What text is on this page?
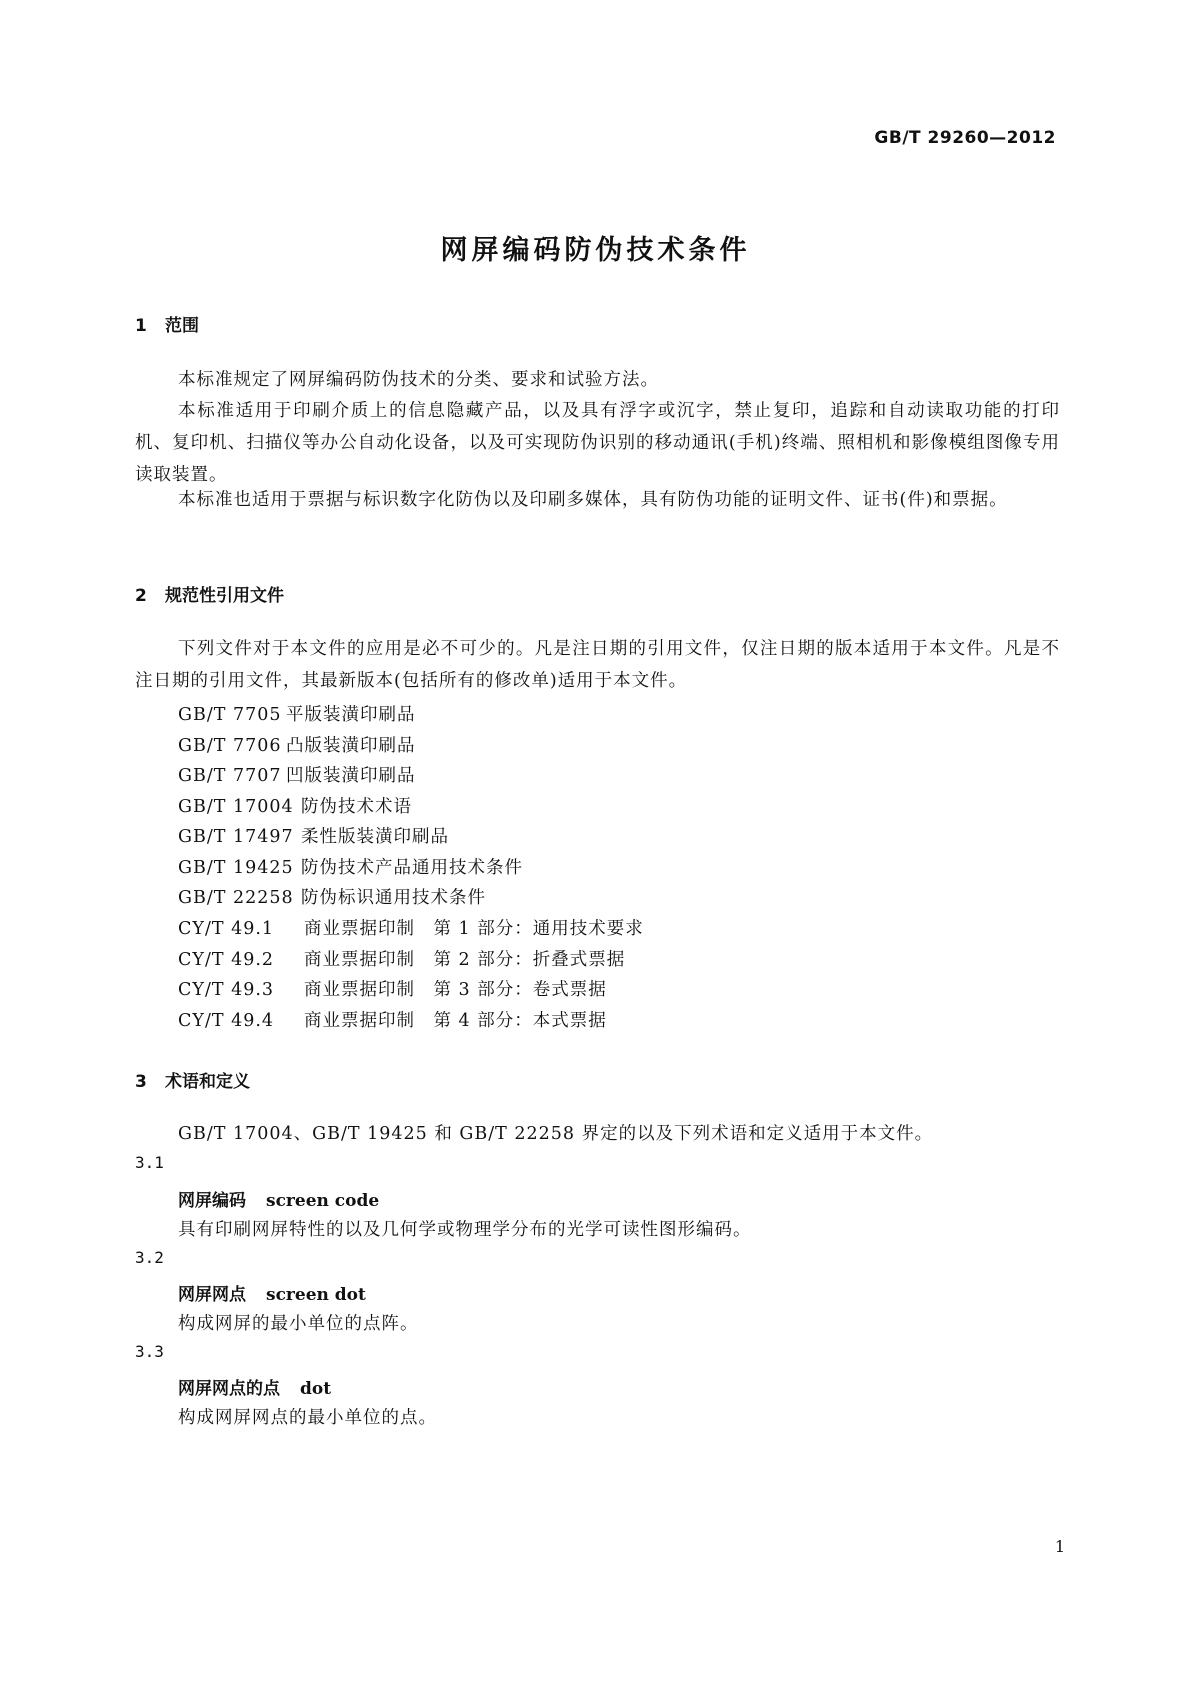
GB/T 29260—2012
网屏编码防伪技术条件
1 范围
本标准规定了网屏编码防伪技术的分类、要求和试验方法。
本标准适用于印刷介质上的信息隐藏产品，以及具有浮字或沉字，禁止复印，追踪和自动读取功能的打印机、复印机、扫描仪等办公自动化设备，以及可实现防伪识别的移动通讯(手机)终端、照相机和影像模组图像专用读取装置。
本标准也适用于票据与标识数字化防伪以及印刷多媒体，具有防伪功能的证明文件、证书(件)和票据。
2 规范性引用文件
下列文件对于本文件的应用是必不可少的。凡是注日期的引用文件，仅注日期的版本适用于本文件。凡是不注日期的引用文件，其最新版本(包括所有的修改单)适用于本文件。
GB/T 7705 平版装潢印刷品
GB/T 7706 凸版装潢印刷品
GB/T 7707 凹版装潢印刷品
GB/T 17004 防伪技术术语
GB/T 17497 柔性版装潢印刷品
GB/T 19425 防伪技术产品通用技术条件
GB/T 22258 防伪标识通用技术条件
CY/T 49.1 商业票据印制　第 1 部分：通用技术要求
CY/T 49.2 商业票据印制　第 2 部分：折叠式票据
CY/T 49.3 商业票据印制　第 3 部分：卷式票据
CY/T 49.4 商业票据印制　第 4 部分：本式票据
3 术语和定义
GB/T 17004、GB/T 19425 和 GB/T 22258 界定的以及下列术语和定义适用于本文件。
3.1
网屏编码 screen code
具有印刷网屏特性的以及几何学或物理学分布的光学可读性图形编码。
3.2
网屏网点 screen dot
构成网屏的最小单位的点阵。
3.3
网屏网点的点 dot
构成网屏网点的最小单位的点。
1
